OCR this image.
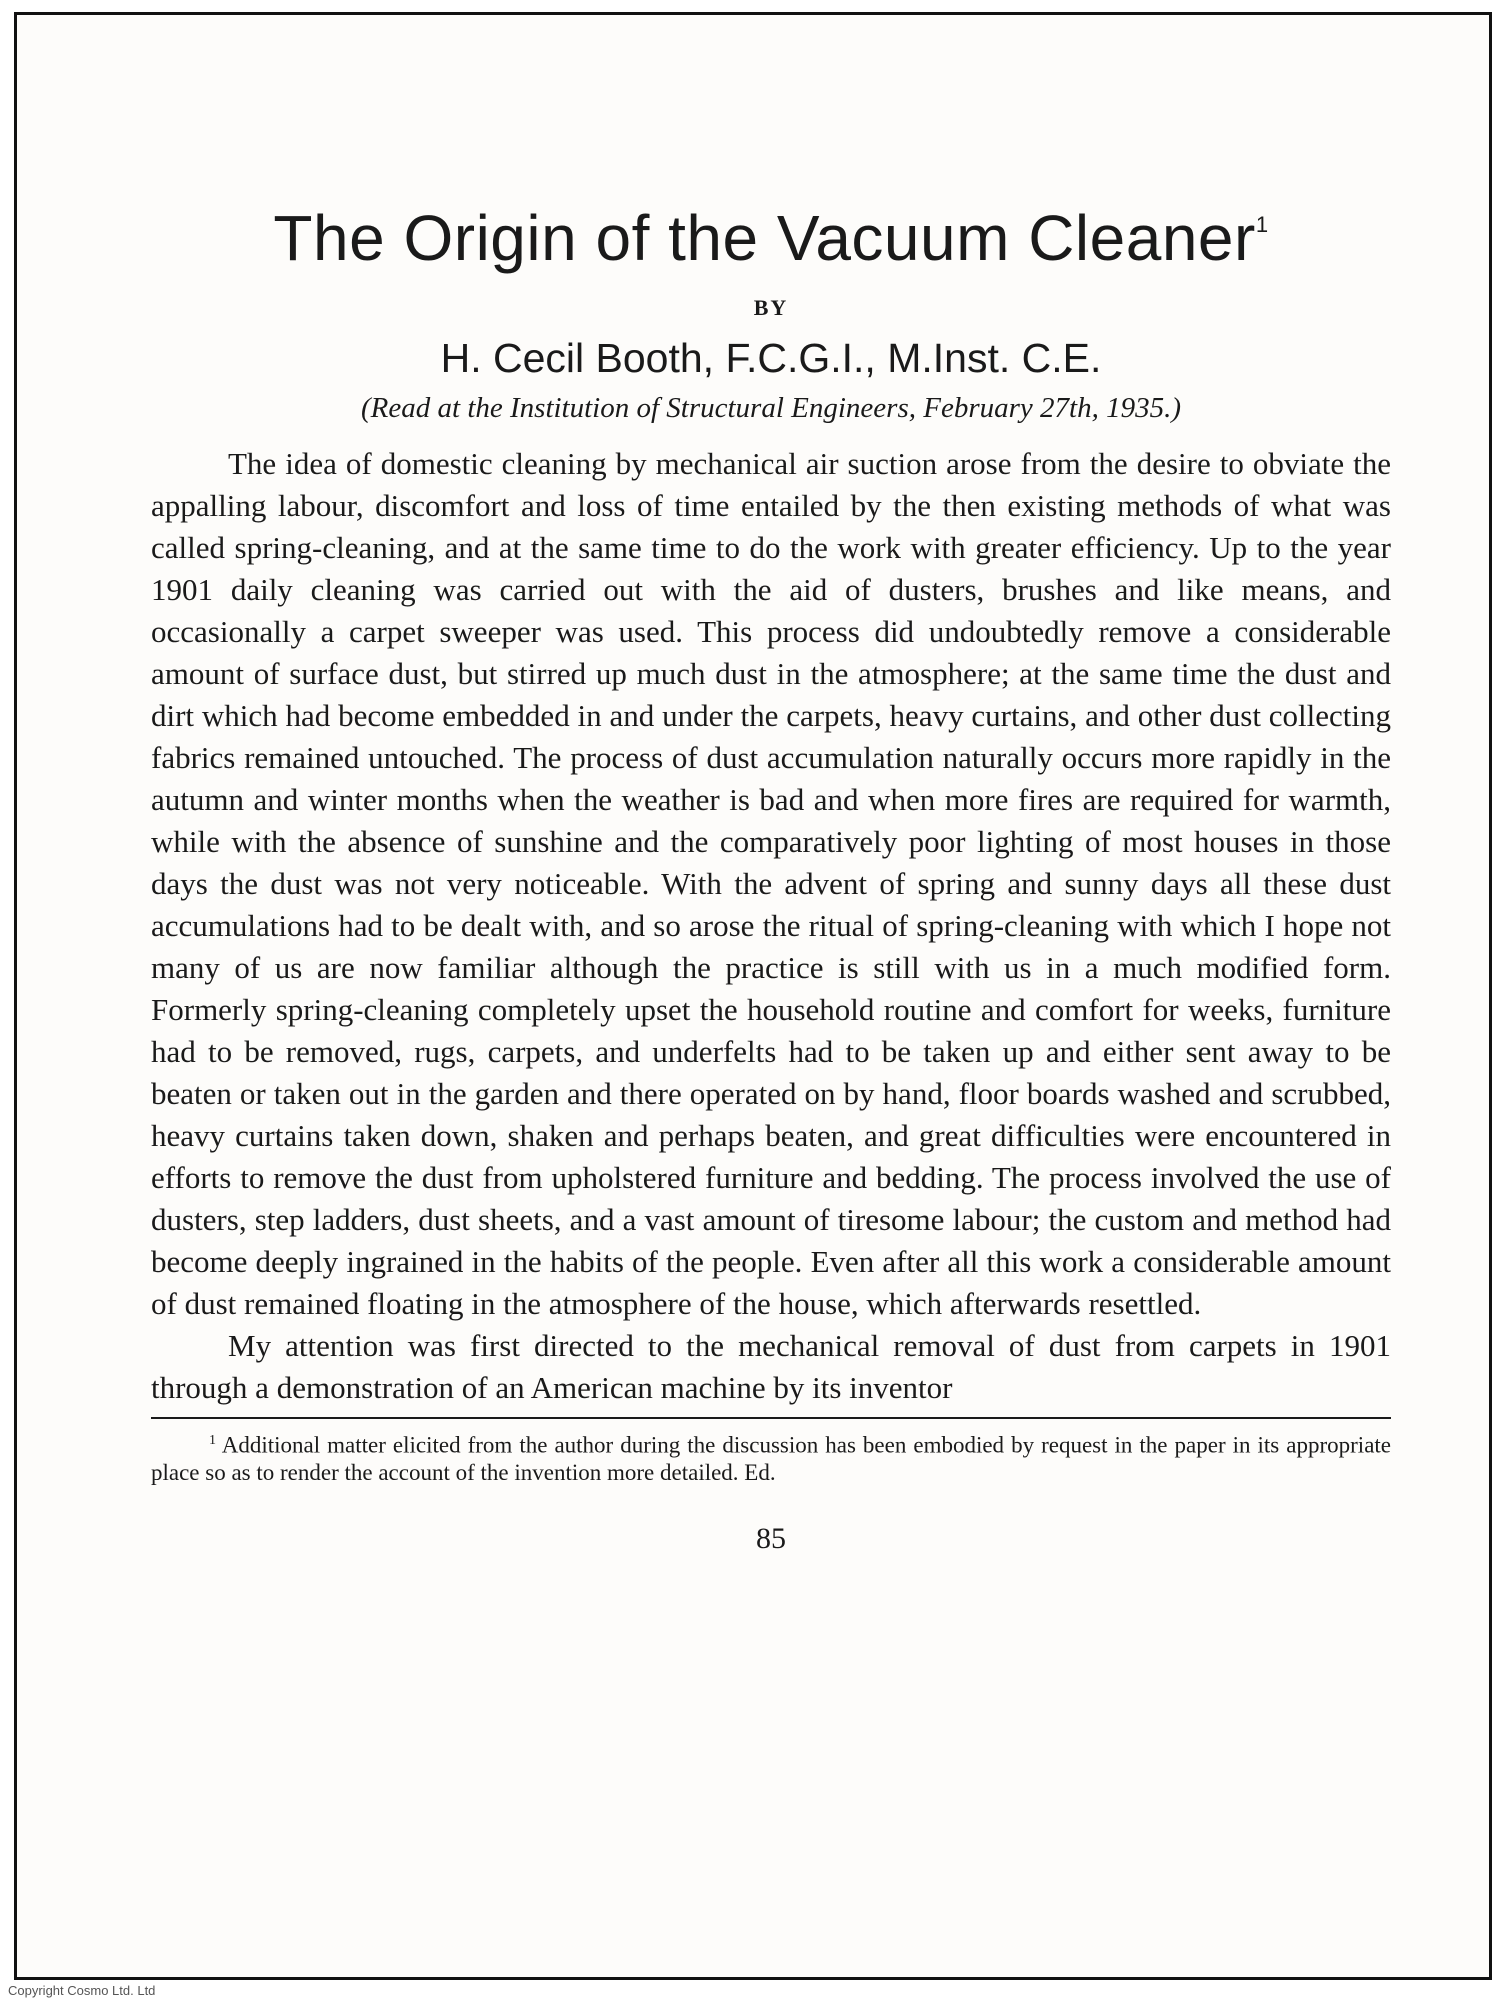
The Origin of the Vacuum Cleaner$^1$
BY
H. Cecil Booth, F.C.G.I., M.Inst. C.E.
(Read at the Institution of Structural Engineers, February 27th, 1935.)

The idea of domestic cleaning by mechanical air suction arose from the desire to obviate the appalling labour, discomfort and loss of time entailed by the then existing methods of what was called spring-cleaning, and at the same time to do the work with greater efficiency. Up to the year 1901 daily cleaning was carried out with the aid of dusters, brushes and like means, and occasionally a carpet sweeper was used. This process did undoubtedly remove a considerable amount of surface dust, but stirred up much dust in the atmosphere; at the same time the dust and dirt which had become embedded in and under the carpets, heavy curtains, and other dust collecting fabrics remained untouched. The process of dust accumulation naturally occurs more rapidly in the autumn and winter months when the weather is bad and when more fires are required for warmth, while with the absence of sunshine and the comparatively poor lighting of most houses in those days the dust was not very noticeable. With the advent of spring and sunny days all these dust accumulations had to be dealt with, and so arose the ritual of spring-cleaning with which I hope not many of us are now familiar although the practice is still with us in a much modified form. Formerly spring-cleaning completely upset the household routine and comfort for weeks, furniture had to be removed, rugs, carpets, and underfelts had to be taken up and either sent away to be beaten or taken out in the garden and there operated on by hand, floor boards washed and scrubbed, heavy curtains taken down, shaken and perhaps beaten, and great difficulties were encountered in efforts to remove the dust from upholstered furniture and bedding. The process involved the use of dusters, step ladders, dust sheets, and a vast amount of tiresome labour; the custom and method had become deeply ingrained in the habits of the people. Even after all this work a considerable amount of dust remained floating in the atmosphere of the house, which afterwards resettled.

My attention was first directed to the mechanical removal of dust from carpets in 1901 through a demonstration of an American machine by its inventor

$^1$ Additional matter elicited from the author during the discussion has been embodied by request in the paper in its appropriate place so as to render the account of the invention more detailed. Ed.

85
Copyright Cosmo Ltd. Ltd
